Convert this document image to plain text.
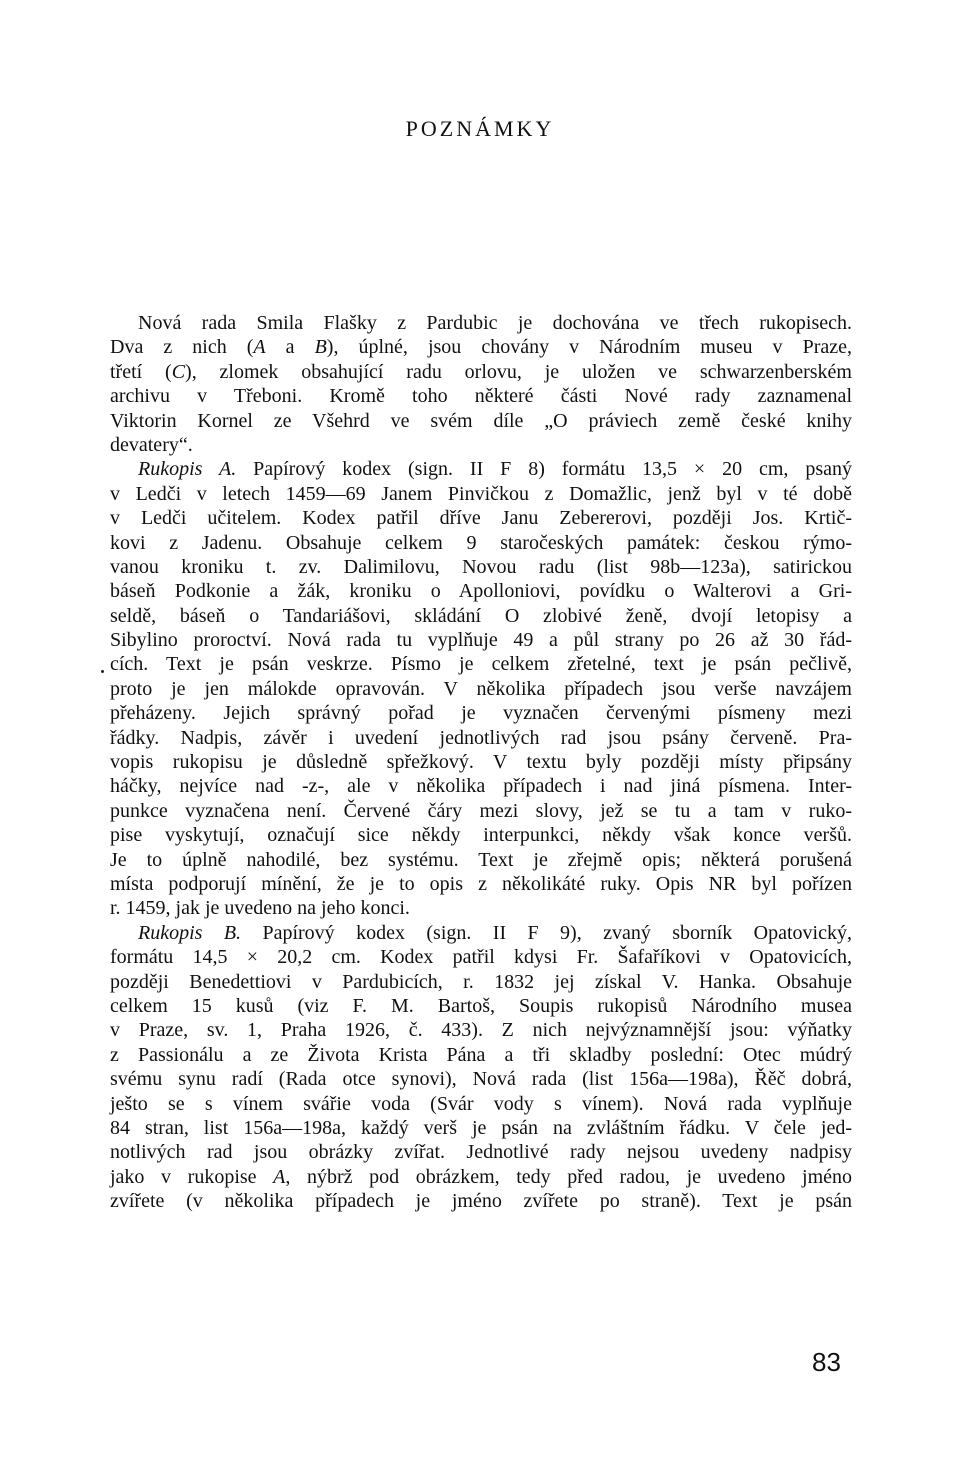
POZNÁMKY
Nová rada Smila Flašky z Pardubic je dochována ve třech rukopisech.
Dva z nich (A a B), úplné, jsou chovány v Národním museu v Praze,
třetí (C), zlomek obsahující radu orlovu, je uložen ve schwarzenberském
archivu v Třeboni. Kromě toho některé části Nové rady zaznamenal
Viktorin Kornel ze Všehrd ve svém díle „O práviech země české knihy
devatery“.
Rukopis A. Papírový kodex (sign. II F 8) formátu 13,5 × 20 cm, psaný
v Ledči v letech 1459—69 Janem Pinvičkou z Domažlic, jenž byl v té době
v Ledči učitelem. Kodex patřil dříve Janu Zebererovi, později Jos. Krtič-
kovi z Jadenu. Obsahuje celkem 9 staročeských památek: českou rýmo-
vanou kroniku t. zv. Dalimilovu, Novou radu (list 98b—123a), satirickou
báseň Podkonie a žák, kroniku o Apolloniovi, povídku o Walterovi a Gri-
seldě, báseň o Tandariášovi, skládání O zlobivé ženě, dvojí letopisy a
Sibylino proroctví. Nová rada tu vyplňuje 49 a půl strany po 26 až 30 řád-
cích. Text je psán veskrze. Písmo je celkem zřetelné, text je psán pečlivě,
proto je jen málokde opravován. V několika případech jsou verše navzájem
přeházeny. Jejich správný pořad je vyznačen červenými písmeny mezi
řádky. Nadpis, závěr i uvedení jednotlivých rad jsou psány červeně. Pra-
vopis rukopisu je důsledně spřežkový. V textu byly později místy připsány
háčky, nejvíce nad -z-, ale v několika případech i nad jiná písmena. Inter-
punkce vyznačena není. Červené čáry mezi slovy, jež se tu a tam v ruko-
pise vyskytují, označují sice někdy interpunkci, někdy však konce veršů.
Je to úplně nahodilé, bez systému. Text je zřejmě opis; některá porušená
místa podporují mínění, že je to opis z několikáté ruky. Opis NR byl pořízen
r. 1459, jak je uvedeno na jeho konci.
Rukopis B. Papírový kodex (sign. II F 9), zvaný sborník Opatovický,
formátu 14,5 × 20,2 cm. Kodex patřil kdysi Fr. Šafaříkovi v Opatovicích,
později Benedettiovi v Pardubicích, r. 1832 jej získal V. Hanka. Obsahuje
celkem 15 kusů (viz F. M. Bartoš, Soupis rukopisů Národního musea
v Praze, sv. 1, Praha 1926, č. 433). Z nich nejvýznamnější jsou: výňatky
z Passionálu a ze Života Krista Pána a tři skladby poslední: Otec múdrý
svému synu radí (Rada otce synovi), Nová rada (list 156a—198a), Řěč dobrá,
ješto se s vínem svářie voda (Svár vody s vínem). Nová rada vyplňuje
84 stran, list 156a—198a, každý verš je psán na zvláštním řádku. V čele jed-
notlivých rad jsou obrázky zvířat. Jednotlivé rady nejsou uvedeny nadpisy
jako v rukopise A, nýbrž pod obrázkem, tedy před radou, je uvedeno jméno
zvířete (v několika případech je jméno zvířete po straně). Text je psán
83
